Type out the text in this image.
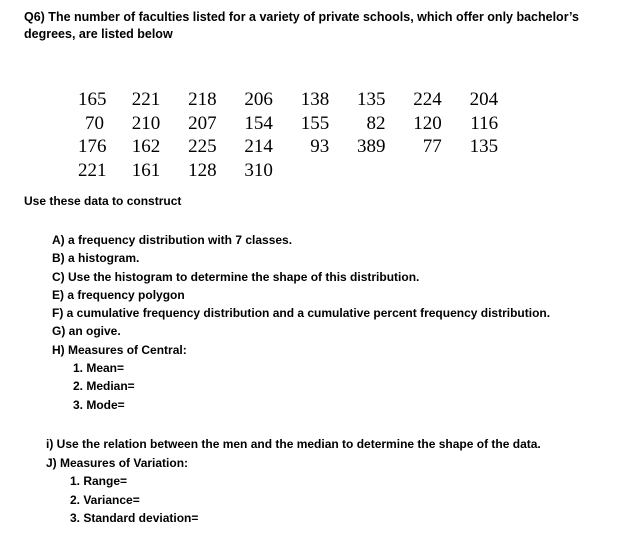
Q6) The number of faculties listed for a variety of private schools, which offer only bachelor’s degrees, are listed below
165	221	218	206	138	135	224	204
70	210	207	154	155	82	120	116
176	162	225	214	93	389	77	135
221	161	128	310
Use these data to construct
A) a frequency distribution with 7 classes.
B) a histogram.
C) Use the histogram to determine the shape of this distribution.
E) a frequency polygon
F) a cumulative frequency distribution and a cumulative percent frequency distribution.
G) an ogive.
H) Measures of Central:
1. Mean=
2. Median=
3. Mode=
i) Use the relation between the men and the median to determine the shape of the data.
J) Measures of Variation:
1. Range=
2. Variance=
3. Standard deviation=
